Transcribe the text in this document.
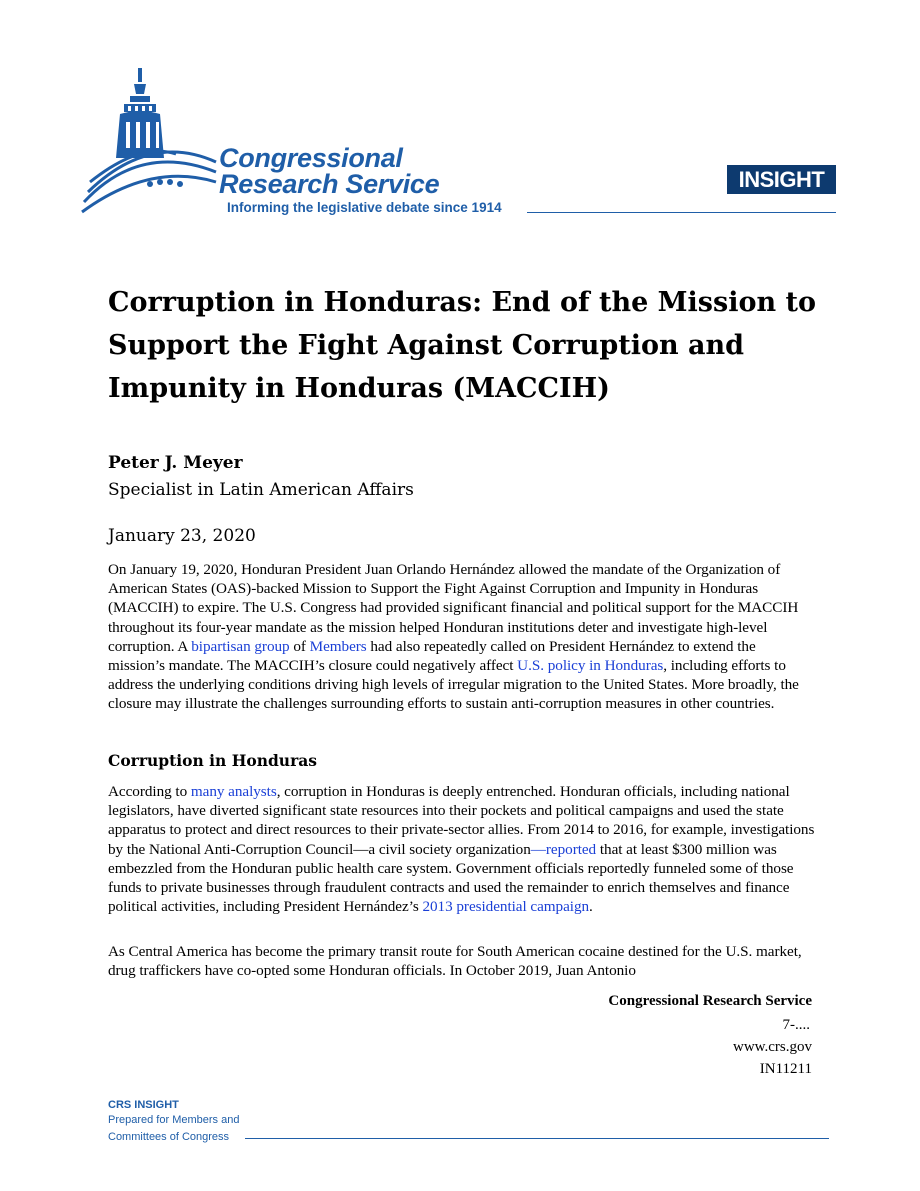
Congressional
Research Service
Informing the legislative debate since 1914
INSIGHT
Corruption in Honduras: End of the Mission to Support the Fight Against Corruption and Impunity in Honduras (MACCIH)
Peter J. Meyer
Specialist in Latin American Affairs
January 23, 2020

On January 19, 2020, Honduran President Juan Orlando Hernández allowed the mandate of the Organization of American States (OAS)-backed Mission to Support the Fight Against Corruption and Impunity in Honduras (MACCIH) to expire. The U.S. Congress had provided significant financial and political support for the MACCIH throughout its four-year mandate as the mission helped Honduran institutions deter and investigate high-level corruption. A bipartisan group of Members had also repeatedly called on President Hernández to extend the mission’s mandate. The MACCIH’s closure could negatively affect U.S. policy in Honduras, including efforts to address the underlying conditions driving high levels of irregular migration to the United States. More broadly, the closure may illustrate the challenges surrounding efforts to sustain anti-corruption measures in other countries.

Corruption in Honduras

According to many analysts, corruption in Honduras is deeply entrenched. Honduran officials, including national legislators, have diverted significant state resources into their pockets and political campaigns and used the state apparatus to protect and direct resources to their private-sector allies. From 2014 to 2016, for example, investigations by the National Anti-Corruption Council—a civil society organization—reported that at least $300 million was embezzled from the Honduran public health care system. Government officials reportedly funneled some of those funds to private businesses through fraudulent contracts and used the remainder to enrich themselves and finance political activities, including President Hernández’s 2013 presidential campaign.

As Central America has become the primary transit route for South American cocaine destined for the U.S. market, drug traffickers have co-opted some Honduran officials. In October 2019, Juan Antonio

Congressional Research Service
7-....
www.crs.gov
IN11211
CRS INSIGHT
Prepared for Members and
Committees of Congress
